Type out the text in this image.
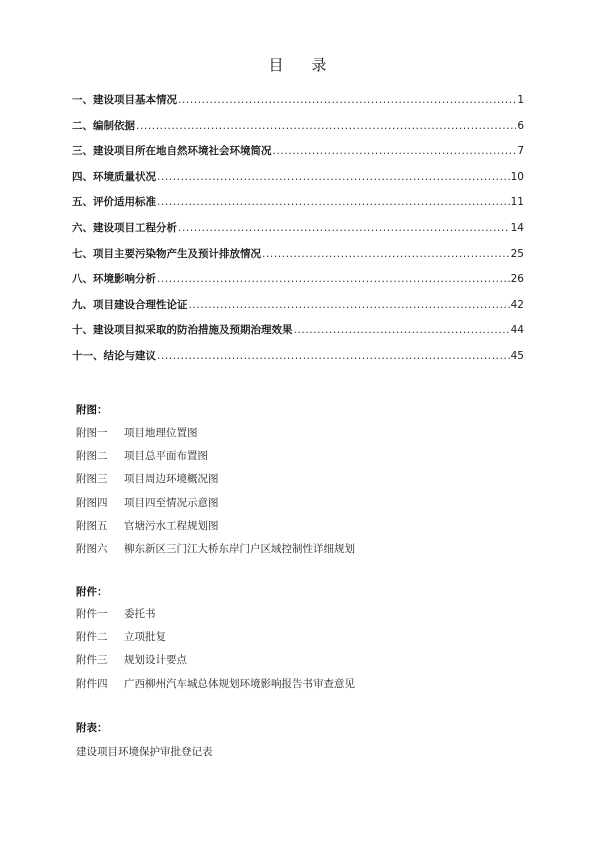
目 录
一、建设项目基本情况 .....	1
二、编制依据 .....	6
三、建设项目所在地自然环境社会环境简况 .....	7
四、环境质量状况 .....	10
五、评价适用标准 .....	11
六、建设项目工程分析 .....	14
七、项目主要污染物产生及预计排放情况 .....	25
八、环境影响分析 .....	26
九、项目建设合理性论证 .....	42
十、建设项目拟采取的防治措施及预期治理效果 .....	44
十一、结论与建议 .....	45
附图：
附图一 项目地理位置图
附图二 项目总平面布置图
附图三 项目周边环境概况图
附图四 项目四至情况示意图
附图五 官塘污水工程规划图
附图六 柳东新区三门江大桥东岸门户区域控制性详细规划
附件：
附件一 委托书
附件二 立项批复
附件三 规划设计要点
附件四 广西柳州汽车城总体规划环境影响报告书审查意见
附表：
建设项目环境保护审批登记表
